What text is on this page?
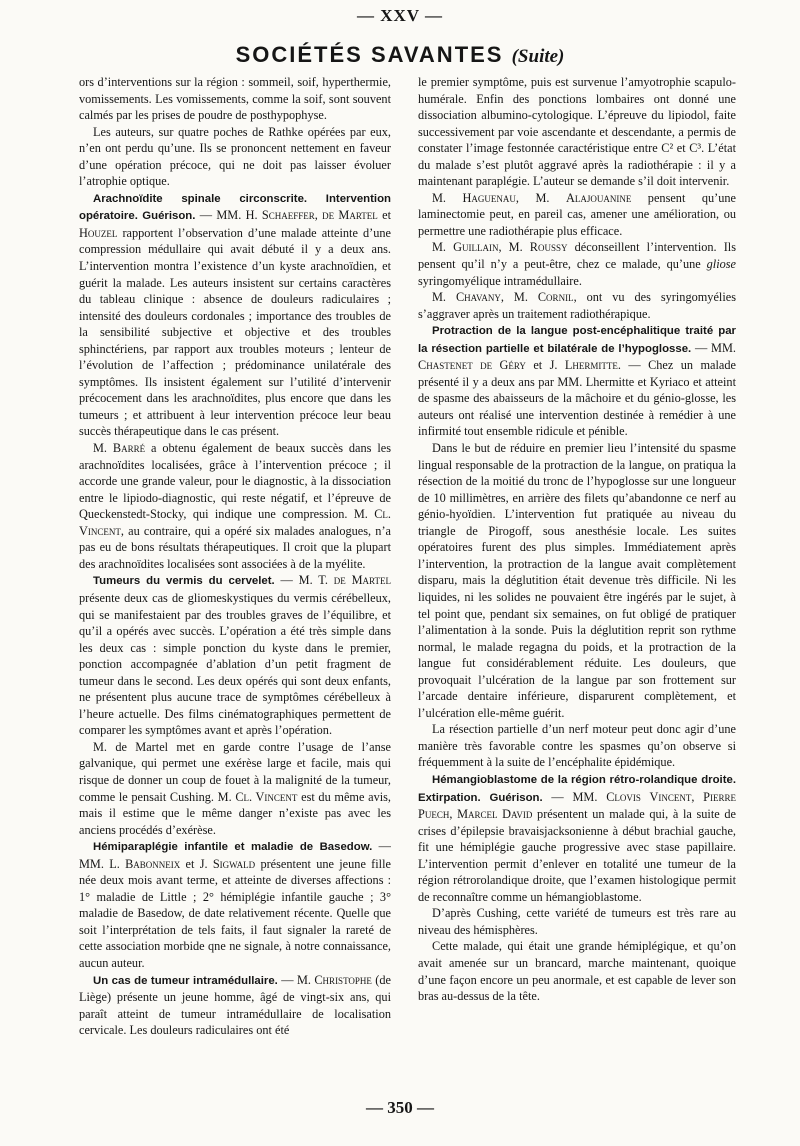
— XXV —
SOCIÉTÉS SAVANTES (Suite)

ors d’interventions sur la région : sommeil, soif, hyperthermie, vomissements. Les vomissements, comme la soif, sont souvent calmés par les prises de poudre de posthypophyse.

Les auteurs, sur quatre poches de Rathke opérées par eux, n’en ont perdu qu’une. Ils se prononcent nettement en faveur d’une opération précoce, qui ne doit pas laisser évoluer l’atrophie optique.

Arachnoïdite spinale circonscrite. Intervention opératoire. Guérison. — MM. H. Schaeffer, de Martel et Houzel rapportent l’observation d’une malade atteinte d’une compression médullaire qui avait débuté il y a deux ans. L’intervention montra l’existence d’un kyste arachnoïdien, et guérit la malade. Les auteurs insistent sur certains caractères du tableau clinique : absence de douleurs radiculaires ; intensité des douleurs cordonales ; importance des troubles de la sensibilité subjective et objective et des troubles sphinctériens, par rapport aux troubles moteurs ; lenteur de l’évolution de l’affection ; prédominance unilatérale des symptômes. Ils insistent également sur l’utilité d’intervenir précocement dans les arachnoïdites, plus encore que dans les tumeurs ; et attribuent à leur intervention précoce leur beau succès thérapeutique dans le cas présent.

M. Barré a obtenu également de beaux succès dans les arachnoïdites localisées, grâce à l’intervention précoce ; il accorde une grande valeur, pour le diagnostic, à la dissociation entre le lipiodo-diagnostic, qui reste négatif, et l’épreuve de Queckenstedt-Stocky, qui indique une compression. M. Cl. Vincent, au contraire, qui a opéré six malades analogues, n’a pas eu de bons résultats thérapeutiques. Il croit que la plupart des arachnoïdites localisées sont associées à de la myélite.

Tumeurs du vermis du cervelet. — M. T. de Martel présente deux cas de gliomeskystiques du vermis cérébelleux, qui se manifestaient par des troubles graves de l’équilibre, et qu’il a opérés avec succès. L’opération a été très simple dans les deux cas : simple ponction du kyste dans le premier, ponction accompagnée d’ablation d’un petit fragment de tumeur dans le second. Les deux opérés qui sont deux enfants, ne présentent plus aucune trace de symptômes cérébelleux à l’heure actuelle. Des films cinématographiques permettent de comparer les symptômes avant et après l’opération.

M. de Martel met en garde contre l’usage de l’anse galvanique, qui permet une exérèse large et facile, mais qui risque de donner un coup de fouet à la malignité de la tumeur, comme le pensait Cushing. M. Cl. Vincent est du même avis, mais il estime que le même danger n’existe pas avec les anciens procédés d’exérèse.

Hémiparaplégie infantile et maladie de Basedow. — MM. L. Babonneix et J. Sigwald présentent une jeune fille née deux mois avant terme, et atteinte de diverses affections : 1° maladie de Little ; 2° hémiplégie infantile gauche ; 3° maladie de Basedow, de date relativement récente. Quelle que soit l’interprétation de tels faits, il faut signaler la rareté de cette association morbide qne ne signale, à notre connaissance, aucun auteur.

Un cas de tumeur intramédullaire. — M. Christophe (de Liège) présente un jeune homme, âgé de vingt-six ans, qui paraît atteint de tumeur intramédullaire de localisation cervicale. Les douleurs radiculaires ont été

le premier symptôme, puis est survenue l’amyotrophie scapulo-humérale. Enfin des ponctions lombaires ont donné une dissociation albumino-cytologique. L’épreuve du lipiodol, faite successivement par voie ascendante et descendante, a permis de constater l’image festonnée caractéristique entre C² et C³. L’état du malade s’est plutôt aggravé après la radiothérapie : il y a maintenant paraplégie. L’auteur se demande s’il doit intervenir.

M. Haguenau, M. Alajouanine pensent qu’une laminectomie peut, en pareil cas, amener une amélioration, ou permettre une radiothérapie plus efficace.

M. Guillain, M. Roussy déconseillent l’intervention. Ils pensent qu’il n’y a peut-être, chez ce malade, qu’une gliose syringomyélique intramédullaire.

M. Chavany, M. Cornil, ont vu des syringomyélies s’aggraver après un traitement radiothérapique.

Protraction de la langue post-encéphalitique traité par la résection partielle et bilatérale de l’hypoglosse. — MM. Chastenet de Géry et J. Lhermitte. — Chez un malade présenté il y a deux ans par MM. Lhermitte et Kyriaco et atteint de spasme des abaisseurs de la mâchoire et du génio-glosse, les auteurs ont réalisé une intervention destinée à remédier à une infirmité tout ensemble ridicule et pénible.

Dans le but de réduire en premier lieu l’intensité du spasme lingual responsable de la protraction de la langue, on pratiqua la résection de la moitié du tronc de l’hypoglosse sur une longueur de 10 millimètres, en arrière des filets qu’abandonne ce nerf au génio-hyoïdien. L’intervention fut pratiquée au niveau du triangle de Pirogoff, sous anesthésie locale. Les suites opératoires furent des plus simples. Immédiatement après l’intervention, la protraction de la langue avait complètement disparu, mais la déglutition était devenue très difficile. Ni les liquides, ni les solides ne pouvaient être ingérés par le sujet, à tel point que, pendant six semaines, on fut obligé de pratiquer l’alimentation à la sonde. Puis la déglutition reprit son rythme normal, le malade regagna du poids, et la protraction de la langue fut considérablement réduite. Les douleurs, que provoquait l’ulcération de la langue par son frottement sur l’arcade dentaire inférieure, disparurent complètement, et l’ulcération elle-même guérit.

La résection partielle d’un nerf moteur peut donc agir d’une manière très favorable contre les spasmes qu’on observe si fréquemment à la suite de l’encéphalite épidémique.

Hémangioblastome de la région rétro-rolandique droite. Extirpation. Guérison. — MM. Clovis Vincent, Pierre Puech, Marcel David présentent un malade qui, à la suite de crises d’épilepsie bravaisjacksonienne à début brachial gauche, fit une hémiplégie gauche progressive avec stase papillaire. L’intervention permit d’enlever en totalité une tumeur de la région rétrorolandique droite, que l’examen histologique permit de reconnaître comme un hémangioblastome.

D’après Cushing, cette variété de tumeurs est très rare au niveau des hémisphères.

Cette malade, qui était une grande hémiplégique, et qu’on avait amenée sur un brancard, marche maintenant, quoique d’une façon encore un peu anormale, et est capable de lever son bras au-dessus de la tête.

— 350 —
